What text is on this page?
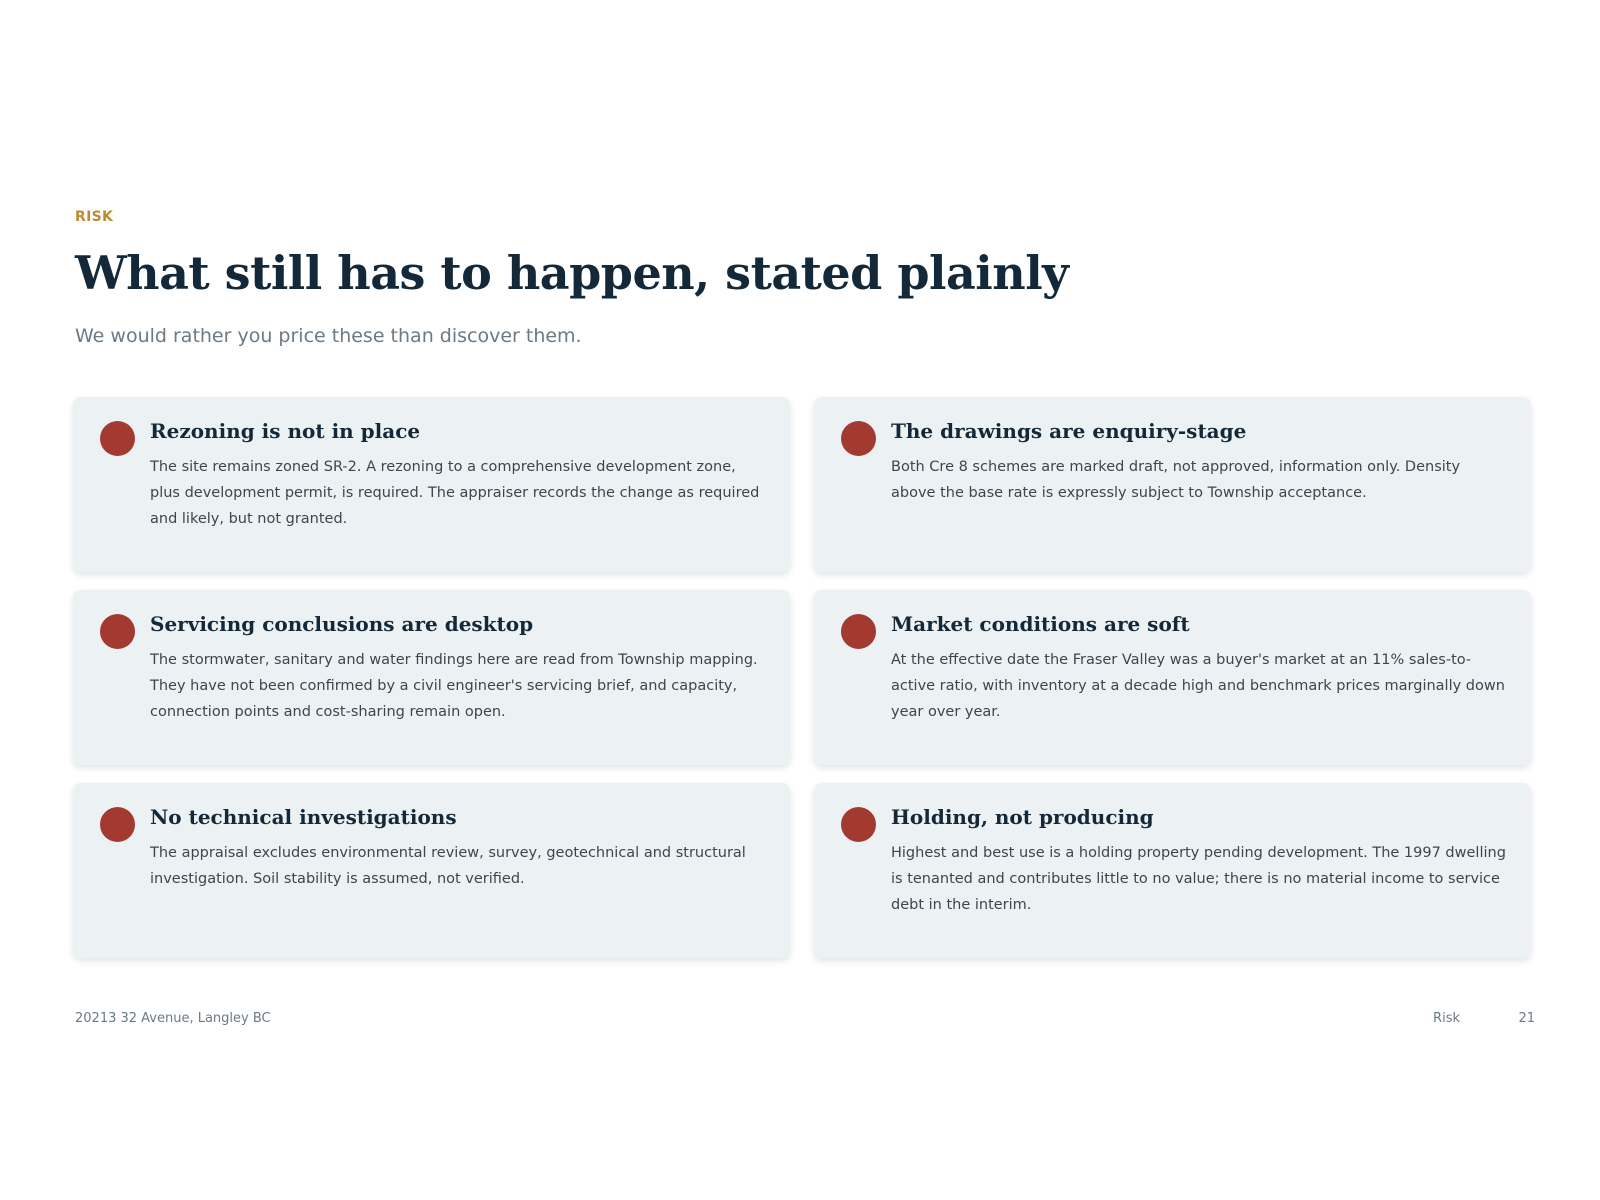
RISK
What still has to happen, stated plainly
We would rather you price these than discover them.
Rezoning is not in place

The site remains zoned SR-2. A rezoning to a comprehensive development zone, plus development permit, is required. The appraiser records the change as required and likely, but not granted.

The drawings are enquiry-stage

Both Cre 8 schemes are marked draft, not approved, information only. Density above the base rate is expressly subject to Township acceptance.

Servicing conclusions are desktop

The stormwater, sanitary and water findings here are read from Township mapping. They have not been confirmed by a civil engineer's servicing brief, and capacity, connection points and cost-sharing remain open.

Market conditions are soft

At the effective date the Fraser Valley was a buyer's market at an 11% sales-to-active ratio, with inventory at a decade high and benchmark prices marginally down year over year.

No technical investigations

The appraisal excludes environmental review, survey, geotechnical and structural investigation. Soil stability is assumed, not verified.

Holding, not producing

Highest and best use is a holding property pending development. The 1997 dwelling is tenanted and contributes little to no value; there is no material income to service debt in the interim.

20213 32 Avenue, Langley BC	Risk	21
